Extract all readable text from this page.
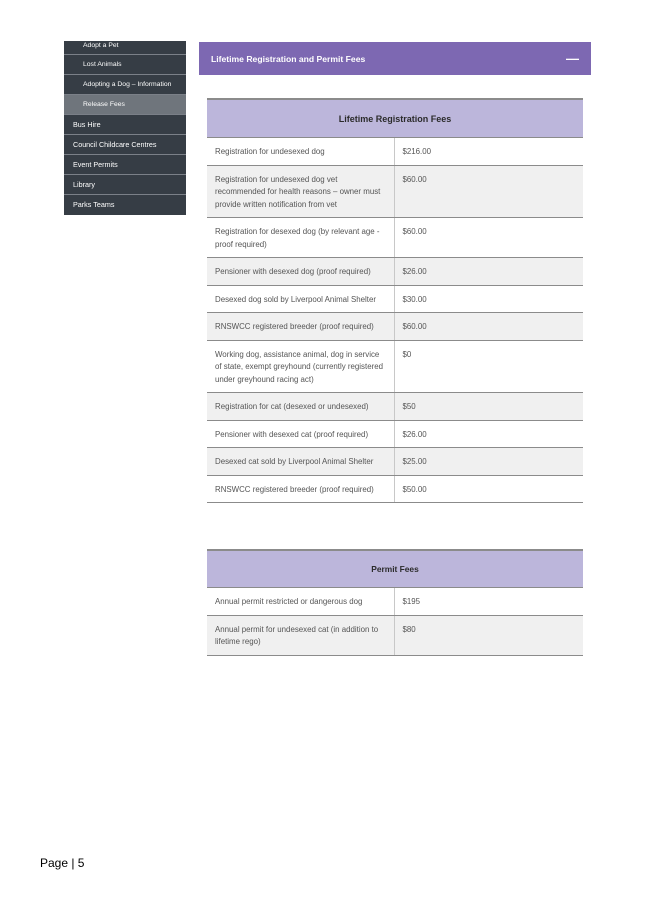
Adopt a Pet
Lost Animals
Adopting a Dog – Information
Release Fees
Bus Hire
Council Childcare Centres
Event Permits
Library
Parks Teams
Lifetime Registration and Permit Fees	—
Lifetime Registration Fees	
Registration for undesexed dog	$216.00
Registration for undesexed dog vet recommended for health reasons – owner must provide written notification from vet	$60.00
Registration for desexed dog (by relevant age - proof required)	$60.00
Pensioner with desexed dog (proof required)	$26.00
Desexed dog sold by Liverpool Animal Shelter	$30.00
RNSWCC registered breeder (proof required)	$60.00
Working dog, assistance animal, dog in service of state, exempt greyhound (currently registered under greyhound racing act)	$0
Registration for cat (desexed or undesexed)	$50
Pensioner with desexed cat (proof required)	$26.00
Desexed cat sold by Liverpool Animal Shelter	$25.00
RNSWCC registered breeder (proof required)	$50.00
Permit Fees	
Annual permit restricted or dangerous dog	$195
Annual permit for undesexed cat (in addition to lifetime rego)	$80
Page | 5
